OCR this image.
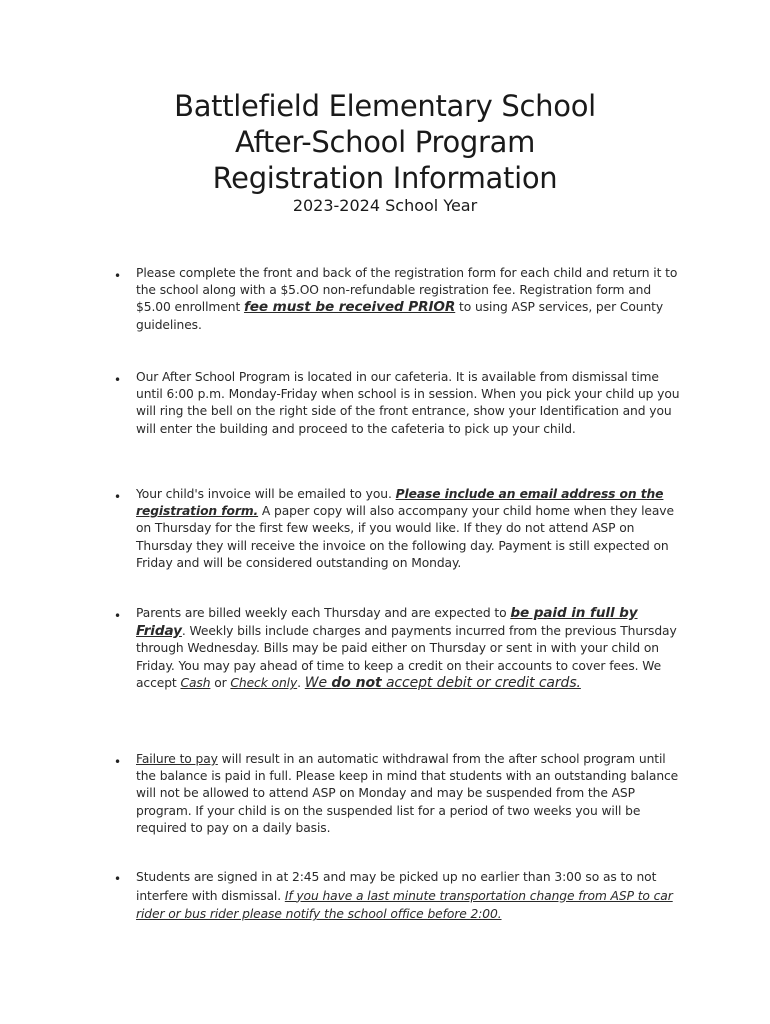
Battlefield Elementary School
After-School Program
Registration Information
2023-2024 School Year
• Please complete the front and back of the registration form for each child and return it to the school along with a $5.OO non-refundable registration fee. Registration form and $5.00 enrollment fee must be received PRIOR to using ASP services, per County guidelines.
• Our After School Program is located in our cafeteria. It is available from dismissal time until 6:00 p.m. Monday-Friday when school is in session. When you pick your child up you will ring the bell on the right side of the front entrance, show your Identification and you will enter the building and proceed to the cafeteria to pick up your child.
• Your child's invoice will be emailed to you. Please include an email address on the registration form. A paper copy will also accompany your child home when they leave on Thursday for the first few weeks, if you would like. If they do not attend ASP on Thursday they will receive the invoice on the following day. Payment is still expected on Friday and will be considered outstanding on Monday.
• Parents are billed weekly each Thursday and are expected to be paid in full by Friday. Weekly bills include charges and payments incurred from the previous Thursday through Wednesday. Bills may be paid either on Thursday or sent in with your child on Friday. You may pay ahead of time to keep a credit on their accounts to cover fees. We accept Cash or Check only. We do not accept debit or credit cards.
• Failure to pay will result in an automatic withdrawal from the after school program until the balance is paid in full. Please keep in mind that students with an outstanding balance will not be allowed to attend ASP on Monday and may be suspended from the ASP program. If your child is on the suspended list for a period of two weeks you will be required to pay on a daily basis.
• Students are signed in at 2:45 and may be picked up no earlier than 3:00 so as to not interfere with dismissal. If you have a last minute transportation change from ASP to car rider or bus rider please notify the school office before 2:00.
